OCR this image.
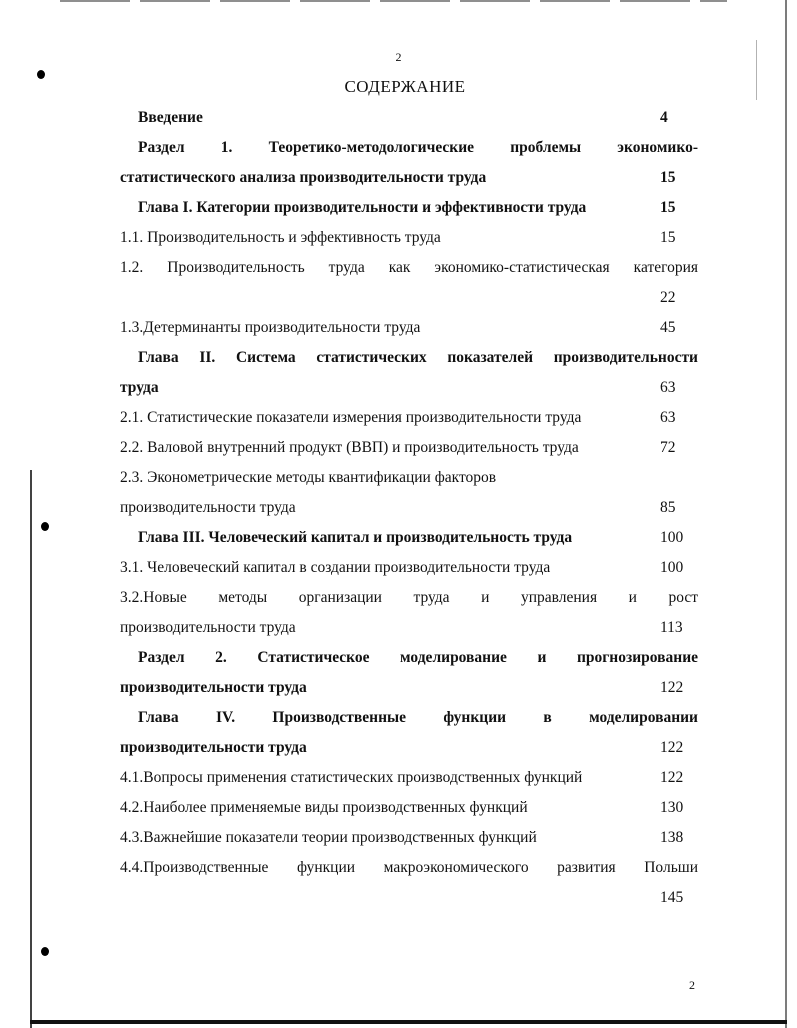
2
СОДЕРЖАНИЕ
Введение	4
Раздел 1. Теоретико-методологические проблемы экономико-
статистического анализа производительности труда	15
Глава I. Категории производительности и эффективности труда	15
1.1. Производительность и эффективность труда	15
1.2. Производительность труда как экономико-статистическая категория
22
1.3.Детерминанты производительности труда	45
Глава II. Система статистических показателей производительности
труда	63
2.1. Статистические показатели измерения производительности труда	63
2.2. Валовой внутренний продукт (ВВП) и производительность труда	72
2.3. Эконометрические методы квантификации факторов
производительности труда	85
Глава III. Человеческий капитал и производительность труда	100
3.1. Человеческий капитал в создании производительности труда	100
3.2.Новые методы организации труда и управления и рост
производительности труда	113
Раздел 2. Статистическое моделирование и прогнозирование
производительности труда	122
Глава IV. Производственные функции в моделировании
производительности труда	122
4.1.Вопросы применения статистических производственных функций	122
4.2.Наиболее применяемые виды производственных функций	130
4.3.Важнейшие показатели теории производственных функций	138
4.4.Производственные функции макроэкономического развития Польши
145
2
